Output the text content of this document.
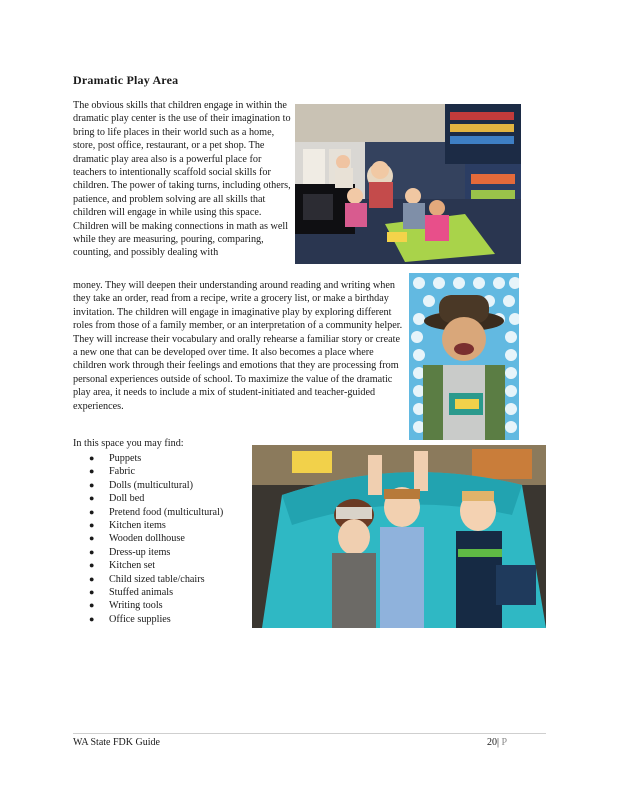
Dramatic Play Area
The obvious skills that children engage in within the dramatic play center is the use of their imagination to bring to life places in their world such as a home, store, post office, restaurant, or a pet shop. The dramatic play area also is a powerful place for teachers to intentionally scaffold social skills for children. The power of taking turns, including others, patience, and problem solving are all skills that children will engage in while using this space. Children will be making connections in math as well while they are measuring, pouring, comparing, counting, and possibly dealing with
money. They will deepen their understanding around reading and writing when they take an order, read from a recipe, write a grocery list, or make a birthday invitation. The children will engage in imaginative play by exploring different roles from those of a family member, or an interpretation of a community helper. They will increase their vocabulary and orally rehearse a familiar story or create a new one that can be developed over time. It also becomes a place where children work through their feelings and emotions that they are processing from personal experiences outside of school. To maximize the value of the dramatic play area, it needs to include a mix of student‑initiated and teacher‑guided experiences.
In this space you may find:
● Puppets
● Fabric
● Dolls (multicultural)
● Doll bed
● Pretend food (multicultural)
● Kitchen items
● Wooden dollhouse
● Dress‑up items
● Kitchen set
● Child sized table/chairs
● Stuffed animals
● Writing tools
● Office supplies
WA State FDK Guide	20| P
